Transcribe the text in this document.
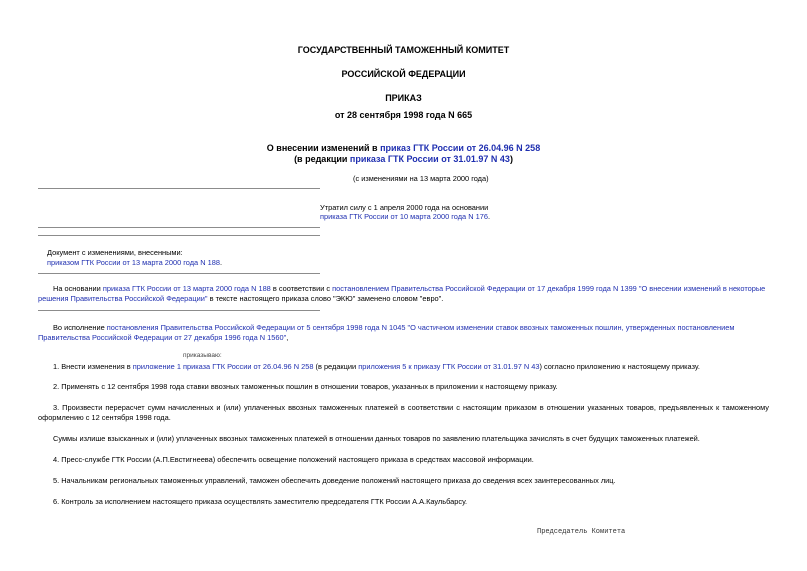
ГОСУДАРСТВЕННЫЙ ТАМОЖЕННЫЙ КОМИТЕТ
РОССИЙСКОЙ ФЕДЕРАЦИИ
ПРИКАЗ
от 28 сентября 1998 года N 665
О внесении изменений в приказ ГТК России от 26.04.96 N 258
(в редакции приказа ГТК России от 31.01.97 N 43)
(с изменениями на 13 марта 2000 года)
Утратил силу с 1 апреля 2000 года на основании
приказа ГТК России от 10 марта 2000 года N 176.
Документ с изменениями, внесенными:
приказом ГТК России от 13 марта 2000 года N 188.
На основании приказа ГТК России от 13 марта 2000 года N 188 в соответствии с постановлением Правительства Российской Федерации от 17 декабря 1999 года N 1399 "О внесении изменений в некоторые решения Правительства Российской Федерации" в тексте настоящего приказа слово "ЭКЮ" заменено словом "евро".
Во исполнение постановления Правительства Российской Федерации от 5 сентября 1998 года N 1045 "О частичном изменении ставок ввозных таможенных пошлин, утвержденных постановлением Правительства Российской Федерации от 27 декабря 1996 года N 1560",
приказываю:
1. Внести изменения в приложение 1 приказа ГТК России от 26.04.96 N 258 (в редакции приложения 5 к приказу ГТК России от 31.01.97 N 43) согласно приложению к настоящему приказу.
2. Применять с 12 сентября 1998 года ставки ввозных таможенных пошлин в отношении товаров, указанных в приложении к настоящему приказу.
3. Произвести перерасчет сумм начисленных и (или) уплаченных ввозных таможенных платежей в соответствии с настоящим приказом в отношении указанных товаров, предъявленных к таможенному оформлению с 12 сентября 1998 года.
Суммы излише взысканных и (или) уплаченных ввозных таможенных платежей в отношении данных товаров по заявлению плательщика зачислять в счет будущих таможенных платежей.
4. Пресс-службе ГТК России (А.П.Евстигнеева) обеспечить освещение положений настоящего приказа в средствах массовой информации.
5. Начальникам региональных таможенных управлений, таможен обеспечить доведение положений настоящего приказа до сведения всех заинтересованных лиц.
6. Контроль за исполнением настоящего приказа осуществлять заместителю председателя ГТК России А.А.Каульбарсу.
Председатель Комитета
